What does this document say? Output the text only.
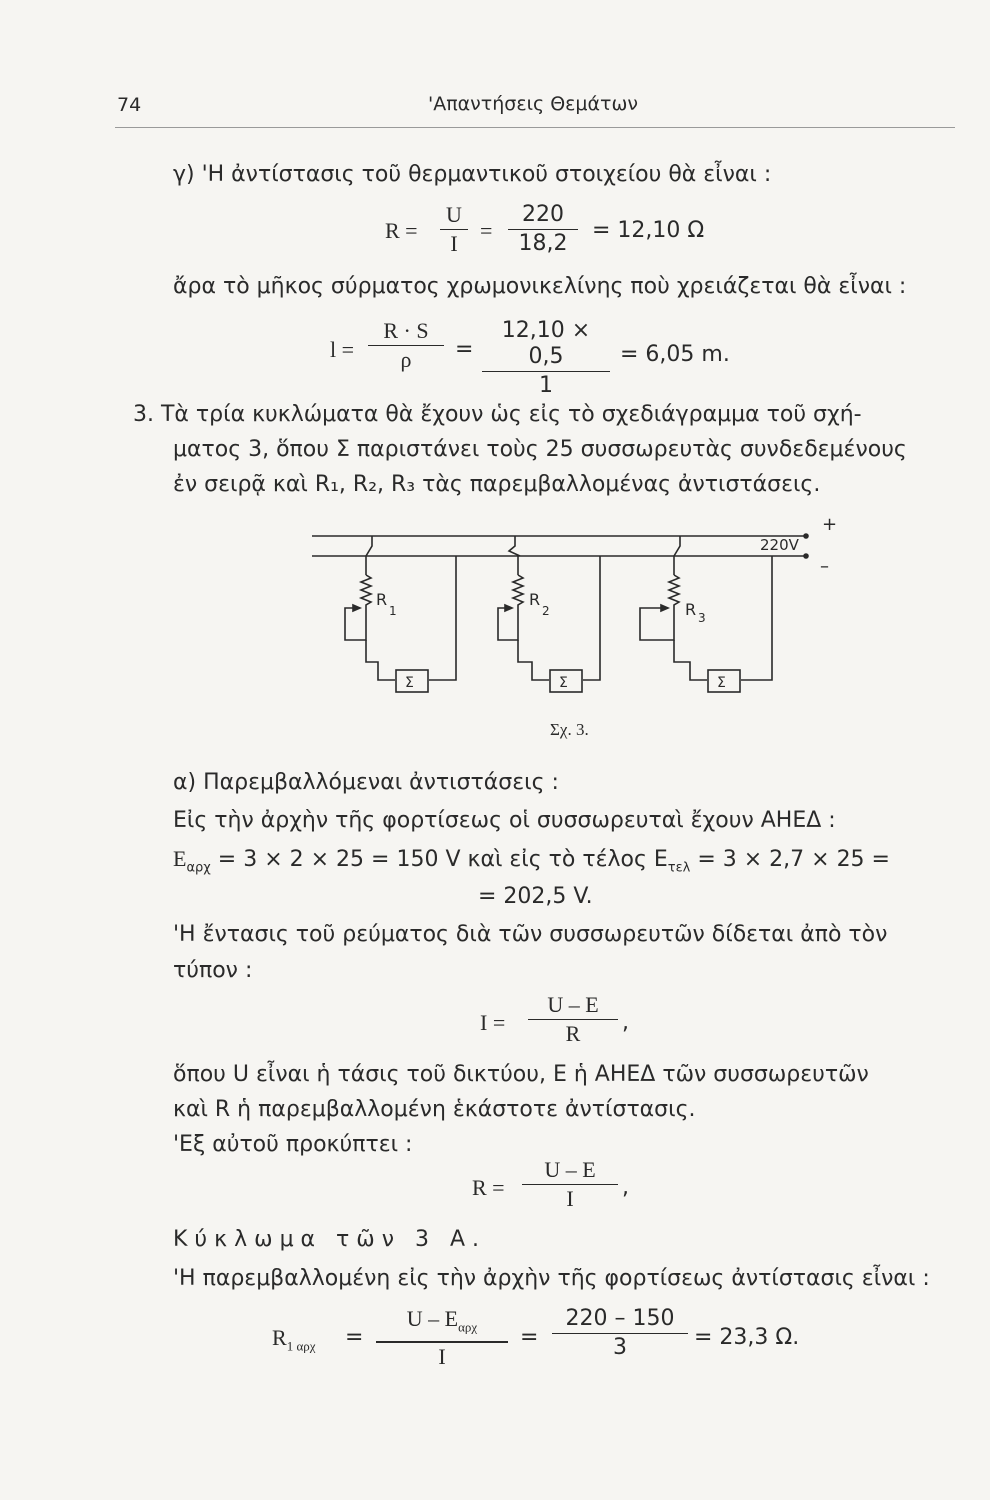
74	'Απαντήσεις Θεμάτων
γ) 'Η ἀντίστασις τοῦ θερμαντικοῦ στοιχείου θὰ εἶναι :
R =
U
I
=
220
18,2
= 12,10 Ω
ἄρα τὸ μῆκος σύρματος χρωμονικελίνης ποὺ χρειάζεται θὰ εἶναι :
l =
R · S
ρ	=
12,10 × 0,5
1
= 6,05 m.
3. Τὰ τρία κυκλώματα θὰ ἔχουν ὡς εἰς τὸ σχεδιάγραμμα τοῦ σχή-
ματος 3, ὅπου Σ παριστάνει τοὺς 25 συσσωρευτὰς συνδεδεμένους
ἐν σειρᾷ καὶ R₁, R₂, R₃ τὰς παρεμβαλλομένας ἀντιστάσεις.
+
–
220V
R
1
R
2	R 3
Σ	Σ	Σ
Σχ. 3.
α) Παρεμβαλλόμεναι ἀντιστάσεις :
Εἰς τὴν ἀρχὴν τῆς φορτίσεως οἱ συσσωρευταὶ ἔχουν ΑΗΕΔ :
$E_{\alpha\rho\chi} = 3 \times 2 \times 25 = 150$ V καὶ εἰς τὸ τέλος $E_{\tau\varepsilon\lambda} = 3 \times 2,7 \times 25$ =
= 202,5 V.
'Η ἔντασις τοῦ ρεύματος διὰ τῶν συσσωρευτῶν δίδεται ἀπὸ τὸν
τύπον :
I =
U – E
R	,
ὅπου U εἶναι ἡ τάσις τοῦ δικτύου, E ἡ ΑΗΕΔ τῶν συσσωρευτῶν
καὶ R ἡ παρεμβαλλομένη ἑκάστοτε ἀντίστασις.
'Εξ αὐτοῦ προκύπτει :
R =
U – E
I	,
Κύκλωμα τῶν 3 Α.
'Η παρεμβαλλομένη εἰς τὴν ἀρχὴν τῆς φορτίσεως ἀντίστασις εἶναι :
$R_{1 \alpha\rho\chi}$ =
U – $E_{\alpha\rho\chi}$
I
=
220 – 150
3	= 23,3 Ω.
